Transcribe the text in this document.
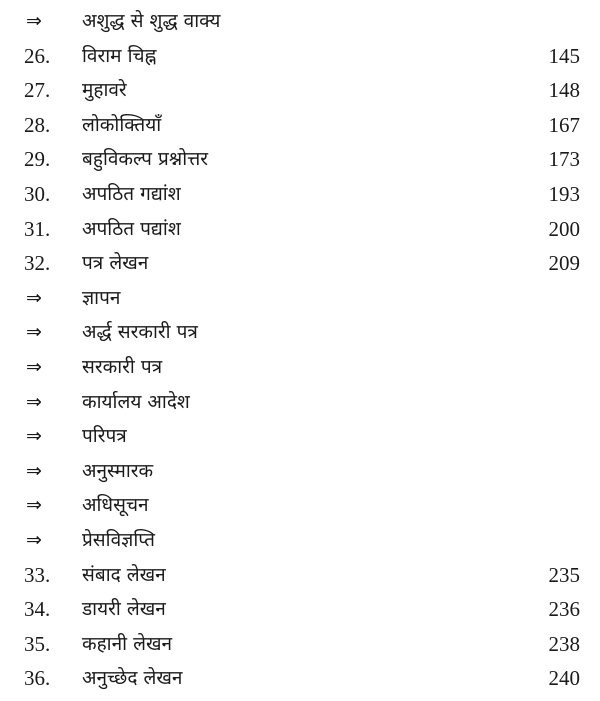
⇒ अशुद्ध से शुद्ध वाक्य
26. विराम चिह्न	145
27. मुहावरे	148
28. लोकोक्तियाँ	167
29. बहुविकल्प प्रश्नोत्तर	173
30. अपठित गद्यांश	193
31. अपठित पद्यांश	200
32. पत्र लेखन	209
⇒ ज्ञापन
⇒ अर्द्ध सरकारी पत्र
⇒ सरकारी पत्र
⇒ कार्यालय आदेश
⇒ परिपत्र
⇒ अनुस्मारक
⇒ अधिसूचन
⇒ प्रेसविज्ञप्ति
33. संबाद लेखन	235
34. डायरी लेखन	236
35. कहानी लेखन	238
36. अनुच्छेद लेखन	240
